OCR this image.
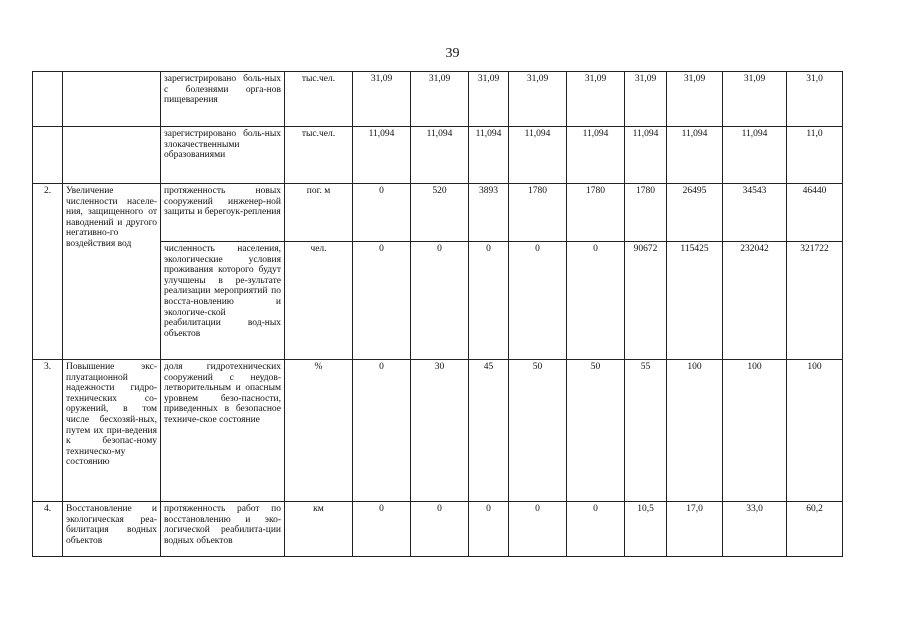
39
		зарегистрировано боль-ных с болезнями орга-нов пищеварения	тыс.чел.	31,09	31,09	31,09	31,09	31,09	31,09	31,09	31,09	31,0
		зарегистрировано боль-ных злокачественными образованиями	тыс.чел.	11,094	11,094	11,094	11,094	11,094	11,094	11,094	11,094	11,0
2.	Увеличение численности населе-ния, защищенного от наводнений и другого негативно-го воздействия вод	протяженность новых сооружений инженер-ной защиты и берегоук-репления	пог. м	0	520	3893	1780	1780	1780	26495	34543	46440
		численность населения, экологические условия проживания которого будут улучшены в ре-зультате реализации мероприятий по восста-новлению и экологиче-ской реабилитации вод-ных объектов	чел.	0	0	0	0	0	90672	115425	232042	321722
3.	Повышение экс-плуатационной надежности гидро-технических со-оружений, в том числе бесхозяй-ных, путем их при-ведения к безопас-ному техническо-му состоянию	доля гидротехнических сооружений с неудов-летворительным и опасным уровнем безо-пасности, приведенных в безопасное техниче-ское состояние	%	0	30	45	50	50	55	100	100	100
4.	Восстановление и экологическая реа-билитация водных объектов	протяженность работ по восстановлению и эко-логической реабилита-ции водных объектов	км	0	0	0	0	0	10,5	17,0	33,0	60,2
